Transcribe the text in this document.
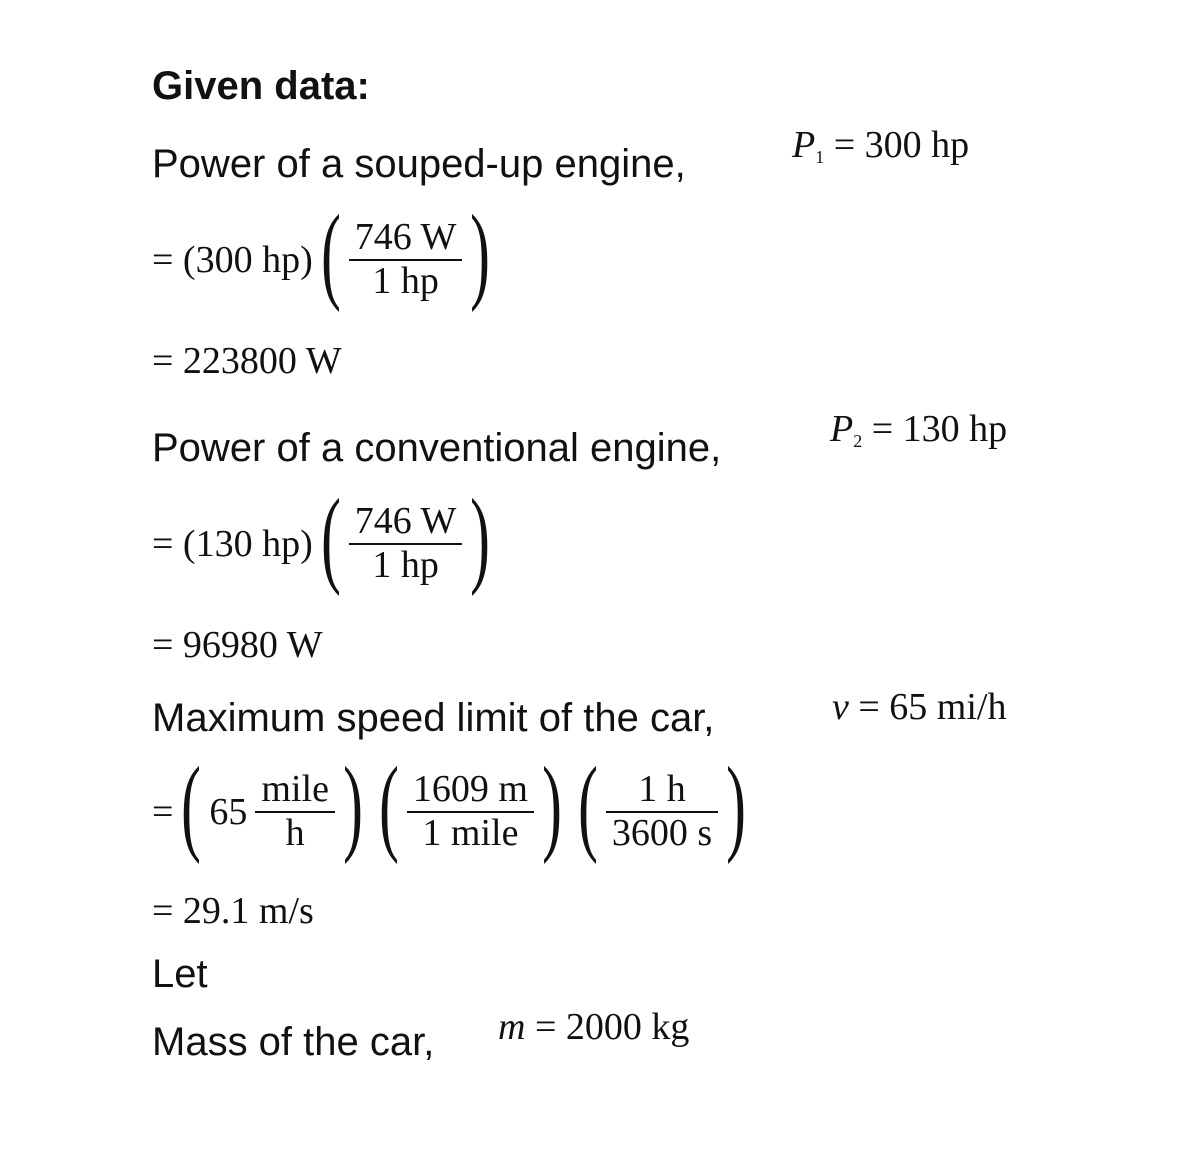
Given data:
Power of a souped-up engine,	P1 = 300 hp
= (300 hp) ( $\frac{746 W}{1 hp}$ )
= 223800 W
Power of a conventional engine,	P2 = 130 hp
= (130 hp) ( $\frac{746 W}{1 hp}$ )
= 96980 W
Maximum speed limit of the car,	v = 65 mi/h
= ( $65 \frac{\text{mile}}{h}$ ) ( $\frac{1609 m}{\text{1 mile}}$ ) ( $\frac{1 h}{3600 s}$ )
= 29.1 m/s
Let
Mass of the car, m = 2000 kg
